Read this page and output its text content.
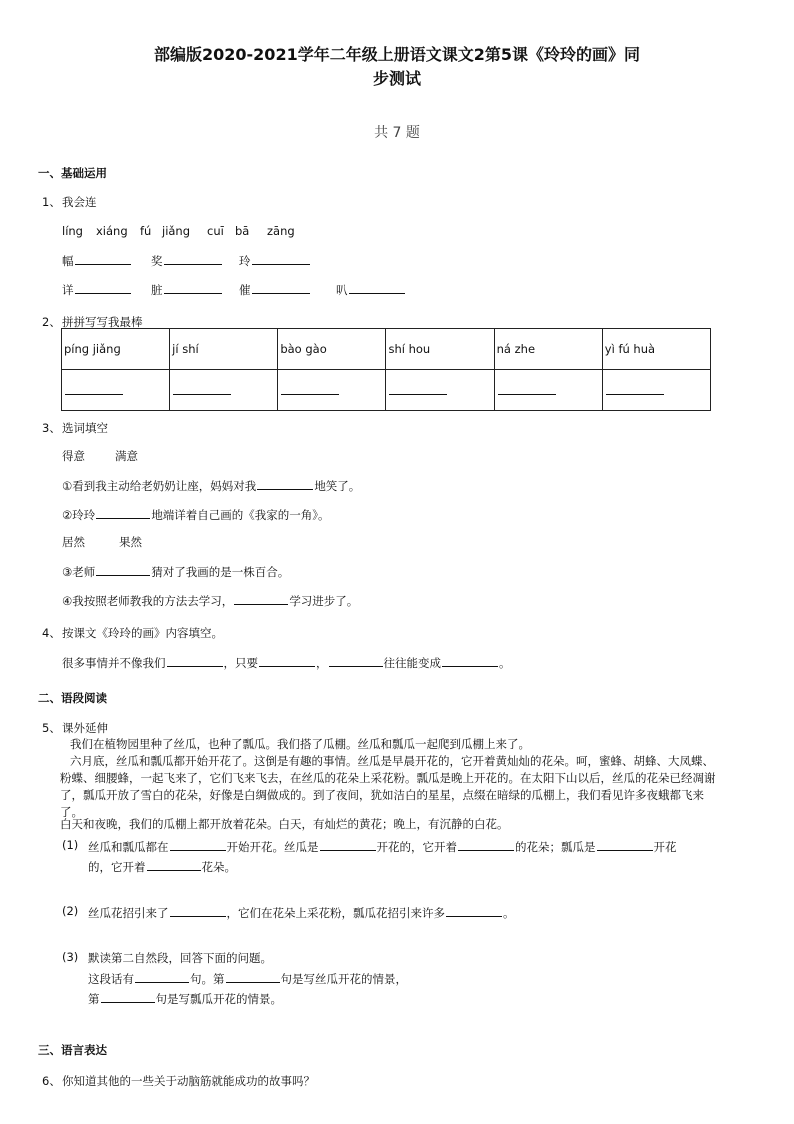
部编版2020-2021学年二年级上册语文课文2第5课《玲玲的画》同
步测试
共 7 题
一、基础运用
1、 我会连
líng xiáng fú jiǎng cuī bā zāng
幅	奖	玲
详	脏	催	叭
2、 拼拼写写我最棒
pínɡ jiǎnɡ	jí shí	bào gào	shí hou	ná zhe	yì fú huà

3、 选词填空
得意	满意
①看到我主动给老奶奶让座，妈妈对我	地笑了。
②玲玲	地端详着自己画的《我家的一角》。
居然	果然
③老师	猜对了我画的是一株百合。
④我按照老师教我的方法去学习，	学习进步了。
4、 按课文《玲玲的画》内容填空。
很多事情并不像我们	，只要	，	往往能变成	。
二、语段阅读
5、 课外延伸
我们在植物园里种了丝瓜，也种了瓢瓜。我们搭了瓜棚。丝瓜和瓢瓜一起爬到瓜棚上来了。
六月底，丝瓜和瓢瓜都开始开花了。这倒是有趣的事情。丝瓜是早晨开花的，它开着黄灿灿的花朵。呵，蜜蜂、胡蜂、大凤蝶、粉蝶、细腰蜂，一起飞来了，它们飞来飞去，在丝瓜的花朵上采花粉。瓢瓜是晚上开花的。在太阳下山以后，丝瓜的花朵已经凋谢了，瓢瓜开放了雪白的花朵，好像是白绸做成的。到了夜间，犹如洁白的星星，点缀在暗绿的瓜棚上，我们看见许多夜蛾都飞来了。
白天和夜晚，我们的瓜棚上都开放着花朵。白天，有灿烂的黄花；晚上，有沉静的白花。
(1) 丝瓜和瓢瓜都在	开始开花。丝瓜是	开花的，它开着	的花朵；瓢瓜是	开花
的，它开着	花朵。
(2) 丝瓜花招引来了	，它们在花朵上采花粉，瓢瓜花招引来许多	。
(3) 默读第二自然段，回答下面的问题。
这段话有	句。第	句是写丝瓜开花的情景，
第	句是写瓢瓜开花的情景。
三、语言表达
6、 你知道其他的一些关于动脑筋就能成功的故事吗？
